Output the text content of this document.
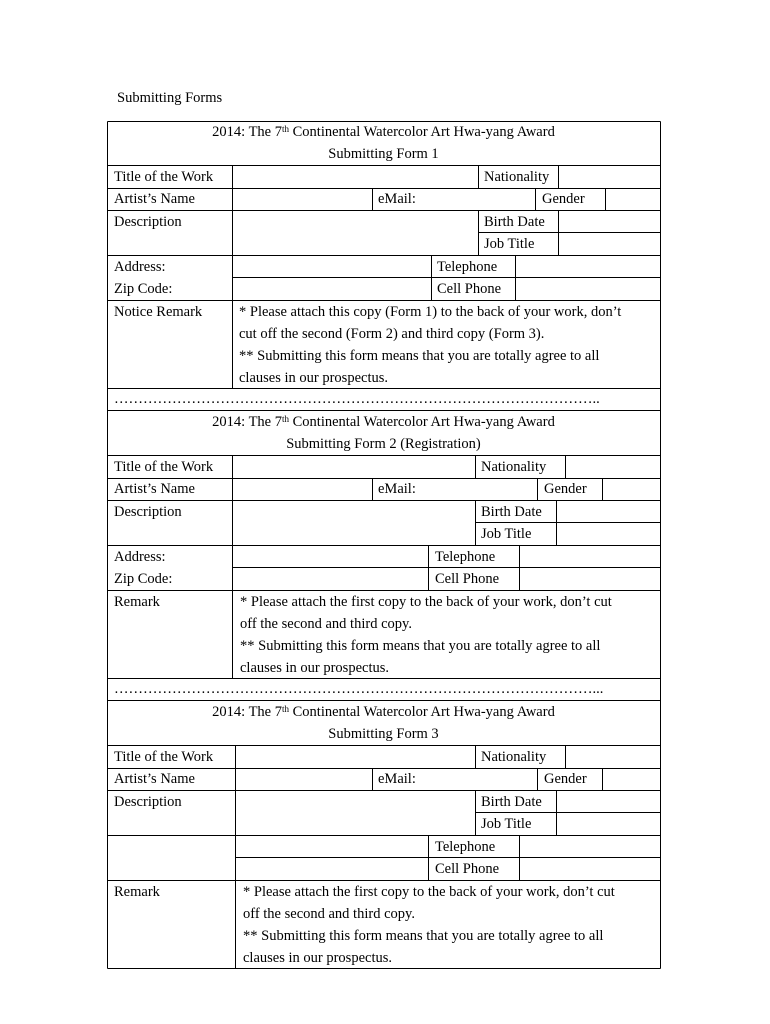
Submitting Forms
2014: The 7th Continental Watercolor Art Hwa-yang Award
Submitting Form 1
Title of the Work	Nationality
Artist’s Name	eMail:	Gender
Description	Birth Date
Job Title
Address:	Telephone
Zip Code:	Cell Phone
Notice Remark	* Please attach this copy (Form 1) to the back of your work, don’t
cut off the second (Form 2) and third copy (Form 3).
** Submitting this form means that you are totally agree to all
clauses in our prospectus.
………………………………………………………………………………………..
2014: The 7th Continental Watercolor Art Hwa-yang Award
Submitting Form 2 (Registration)
Title of the Work	Nationality
Artist’s Name	eMail:	Gender
Description	Birth Date
Job Title
Address:	Telephone
Zip Code:	Cell Phone
Remark	* Please attach the first copy to the back of your work, don’t cut
off the second and third copy.
** Submitting this form means that you are totally agree to all
clauses in our prospectus.
………………………………………………………………………………………...
2014: The 7th Continental Watercolor Art Hwa-yang Award
Submitting Form 3
Title of the Work	Nationality
Artist’s Name	eMail:	Gender
Description	Birth Date
Job Title
Telephone
Cell Phone
Remark	* Please attach the first copy to the back of your work, don’t cut
off the second and third copy.
** Submitting this form means that you are totally agree to all
clauses in our prospectus.
